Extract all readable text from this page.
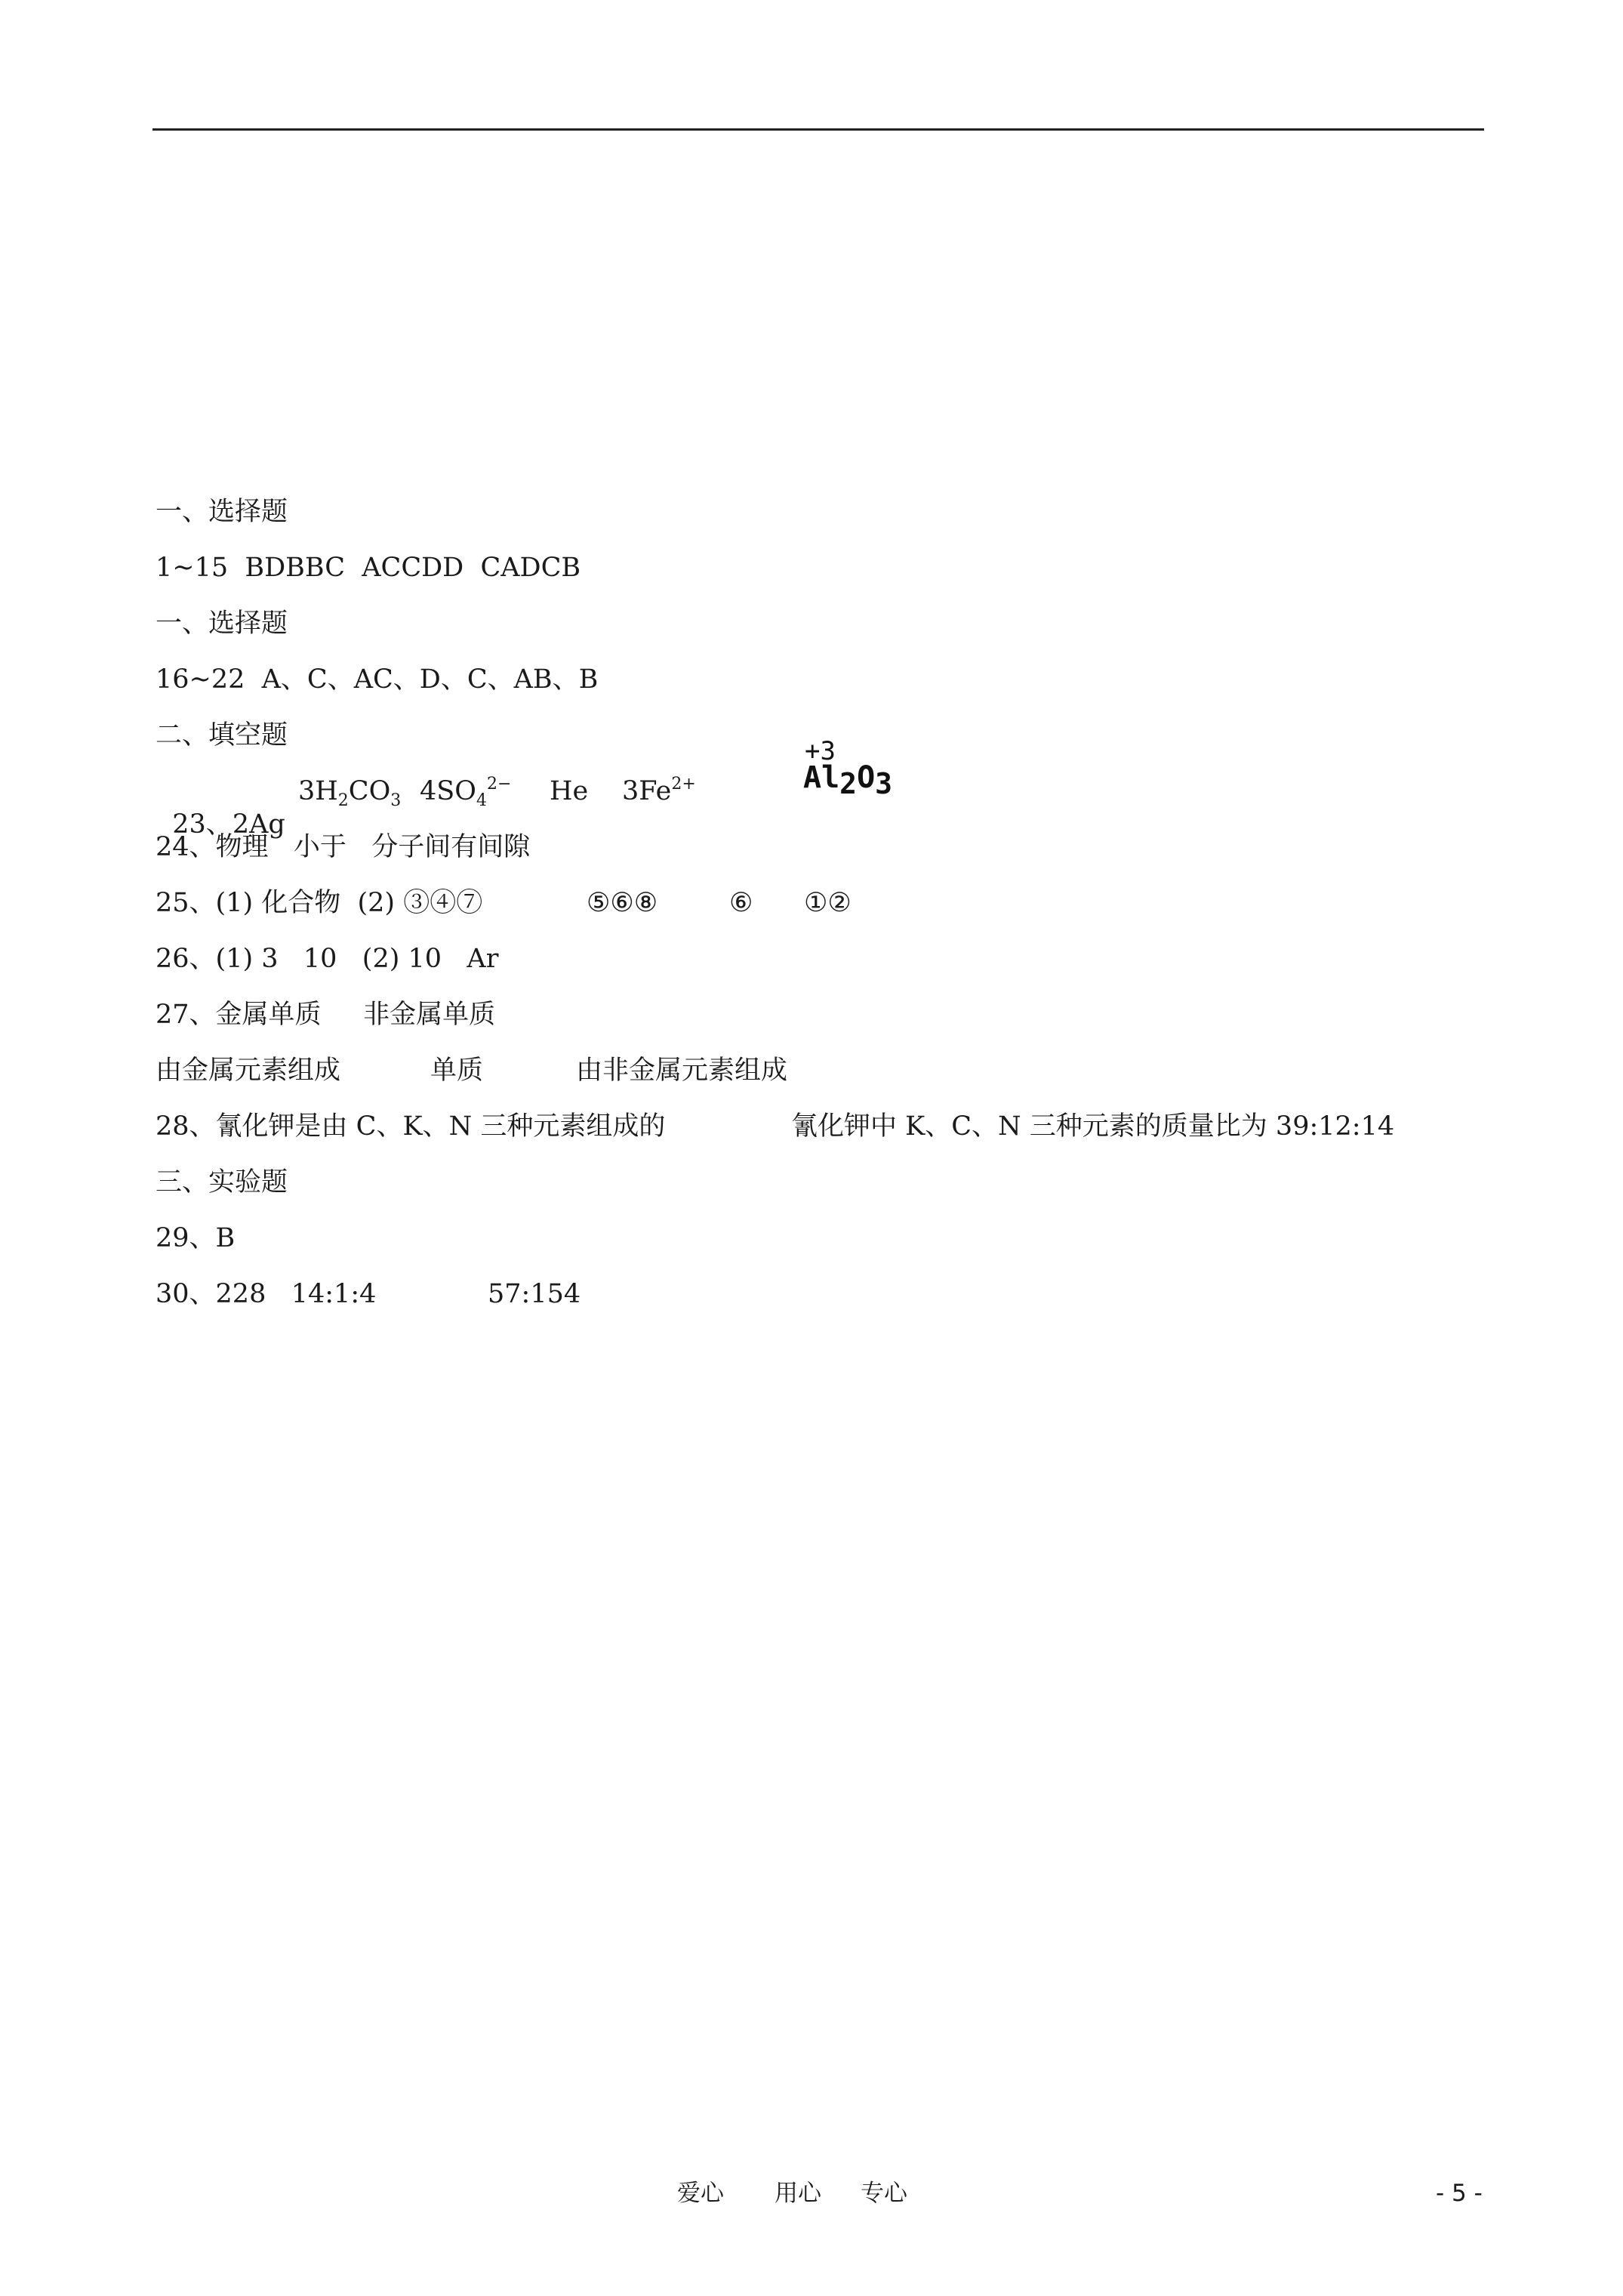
一、选择题
1~15  BDBBC  ACCDD  CADCB
一、选择题
16~22  A、C、AC、D、C、AB、B
二、填空题

23、2Ag

$3H_2CO_3$ $4SO_4^{2-}$ He $3Fe^{2+}$
+3
Al2O3
24、物理   小于   分子间有间隙
25、(1) 化合物  (2) ③④⑦	⑤⑥⑧	⑥ ①②
26、(1) 3   10   (2) 10   Ar
27、金属单质     非金属单质
由金属元素组成	单质	由非金属元素组成
28、氰化钾是由 C、K、N 三种元素组成的	氰化钾中 K、C、N 三种元素的质量比为 39:12:14
三、实验题
29、B
30、228   14:1:4	57:154
爱心 用心 专心	- 5 -
